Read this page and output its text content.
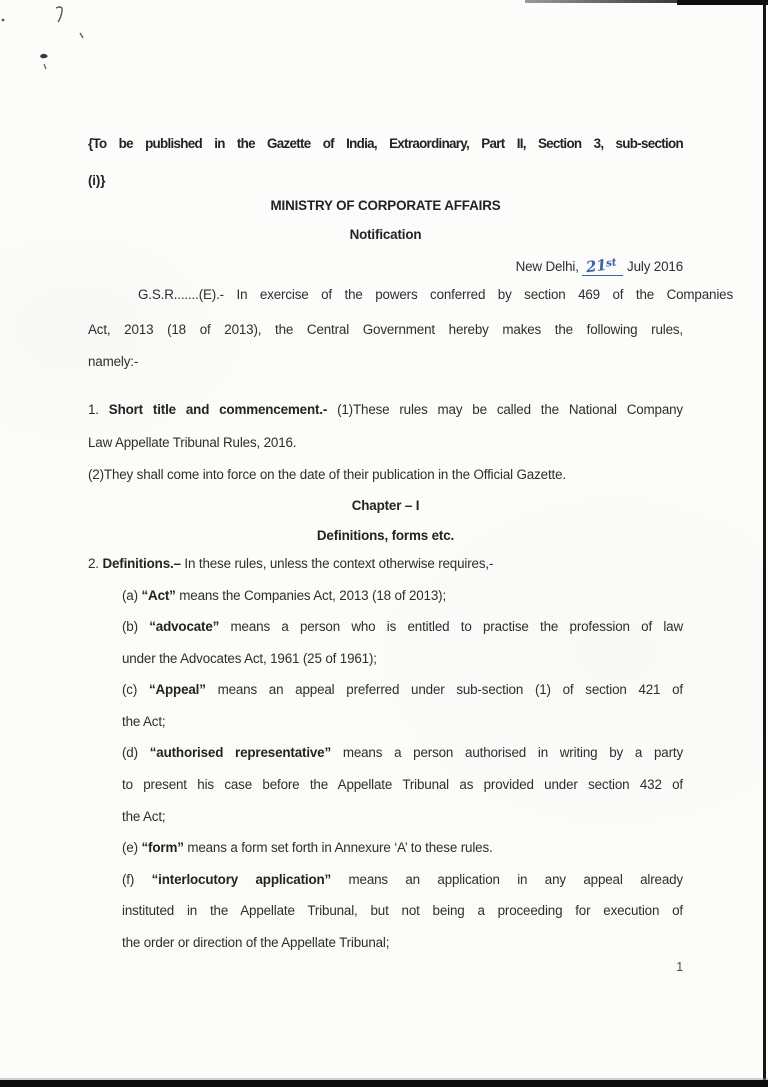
{To be published in the Gazette of India, Extraordinary, Part II, Section 3, sub-section
(i)}
MINISTRY OF CORPORATE AFFAIRS
Notification
New Delhi, 21st July 2016
G.S.R.......(E).- In exercise of the powers conferred by section 469 of the Companies
Act, 2013 (18 of 2013), the Central Government hereby makes the following rules,
namely:-
1. Short title and commencement.- (1)These rules may be called the National Company
Law Appellate Tribunal Rules, 2016.
(2)They shall come into force on the date of their publication in the Official Gazette.
Chapter – I
Definitions, forms etc.
2. Definitions.– In these rules, unless the context otherwise requires,-
(a) “Act” means the Companies Act, 2013 (18 of 2013);
(b) “advocate” means a person who is entitled to practise the profession of law
under the Advocates Act, 1961 (25 of 1961);
(c) “Appeal” means an appeal preferred under sub-section (1) of section 421 of
the Act;
(d) “authorised representative” means a person authorised in writing by a party
to present his case before the Appellate Tribunal as provided under section 432 of
the Act;
(e) “form” means a form set forth in Annexure ‘A’ to these rules.
(f) “interlocutory application” means an application in any appeal already
instituted in the Appellate Tribunal, but not being a proceeding for execution of
the order or direction of the Appellate Tribunal;
1
